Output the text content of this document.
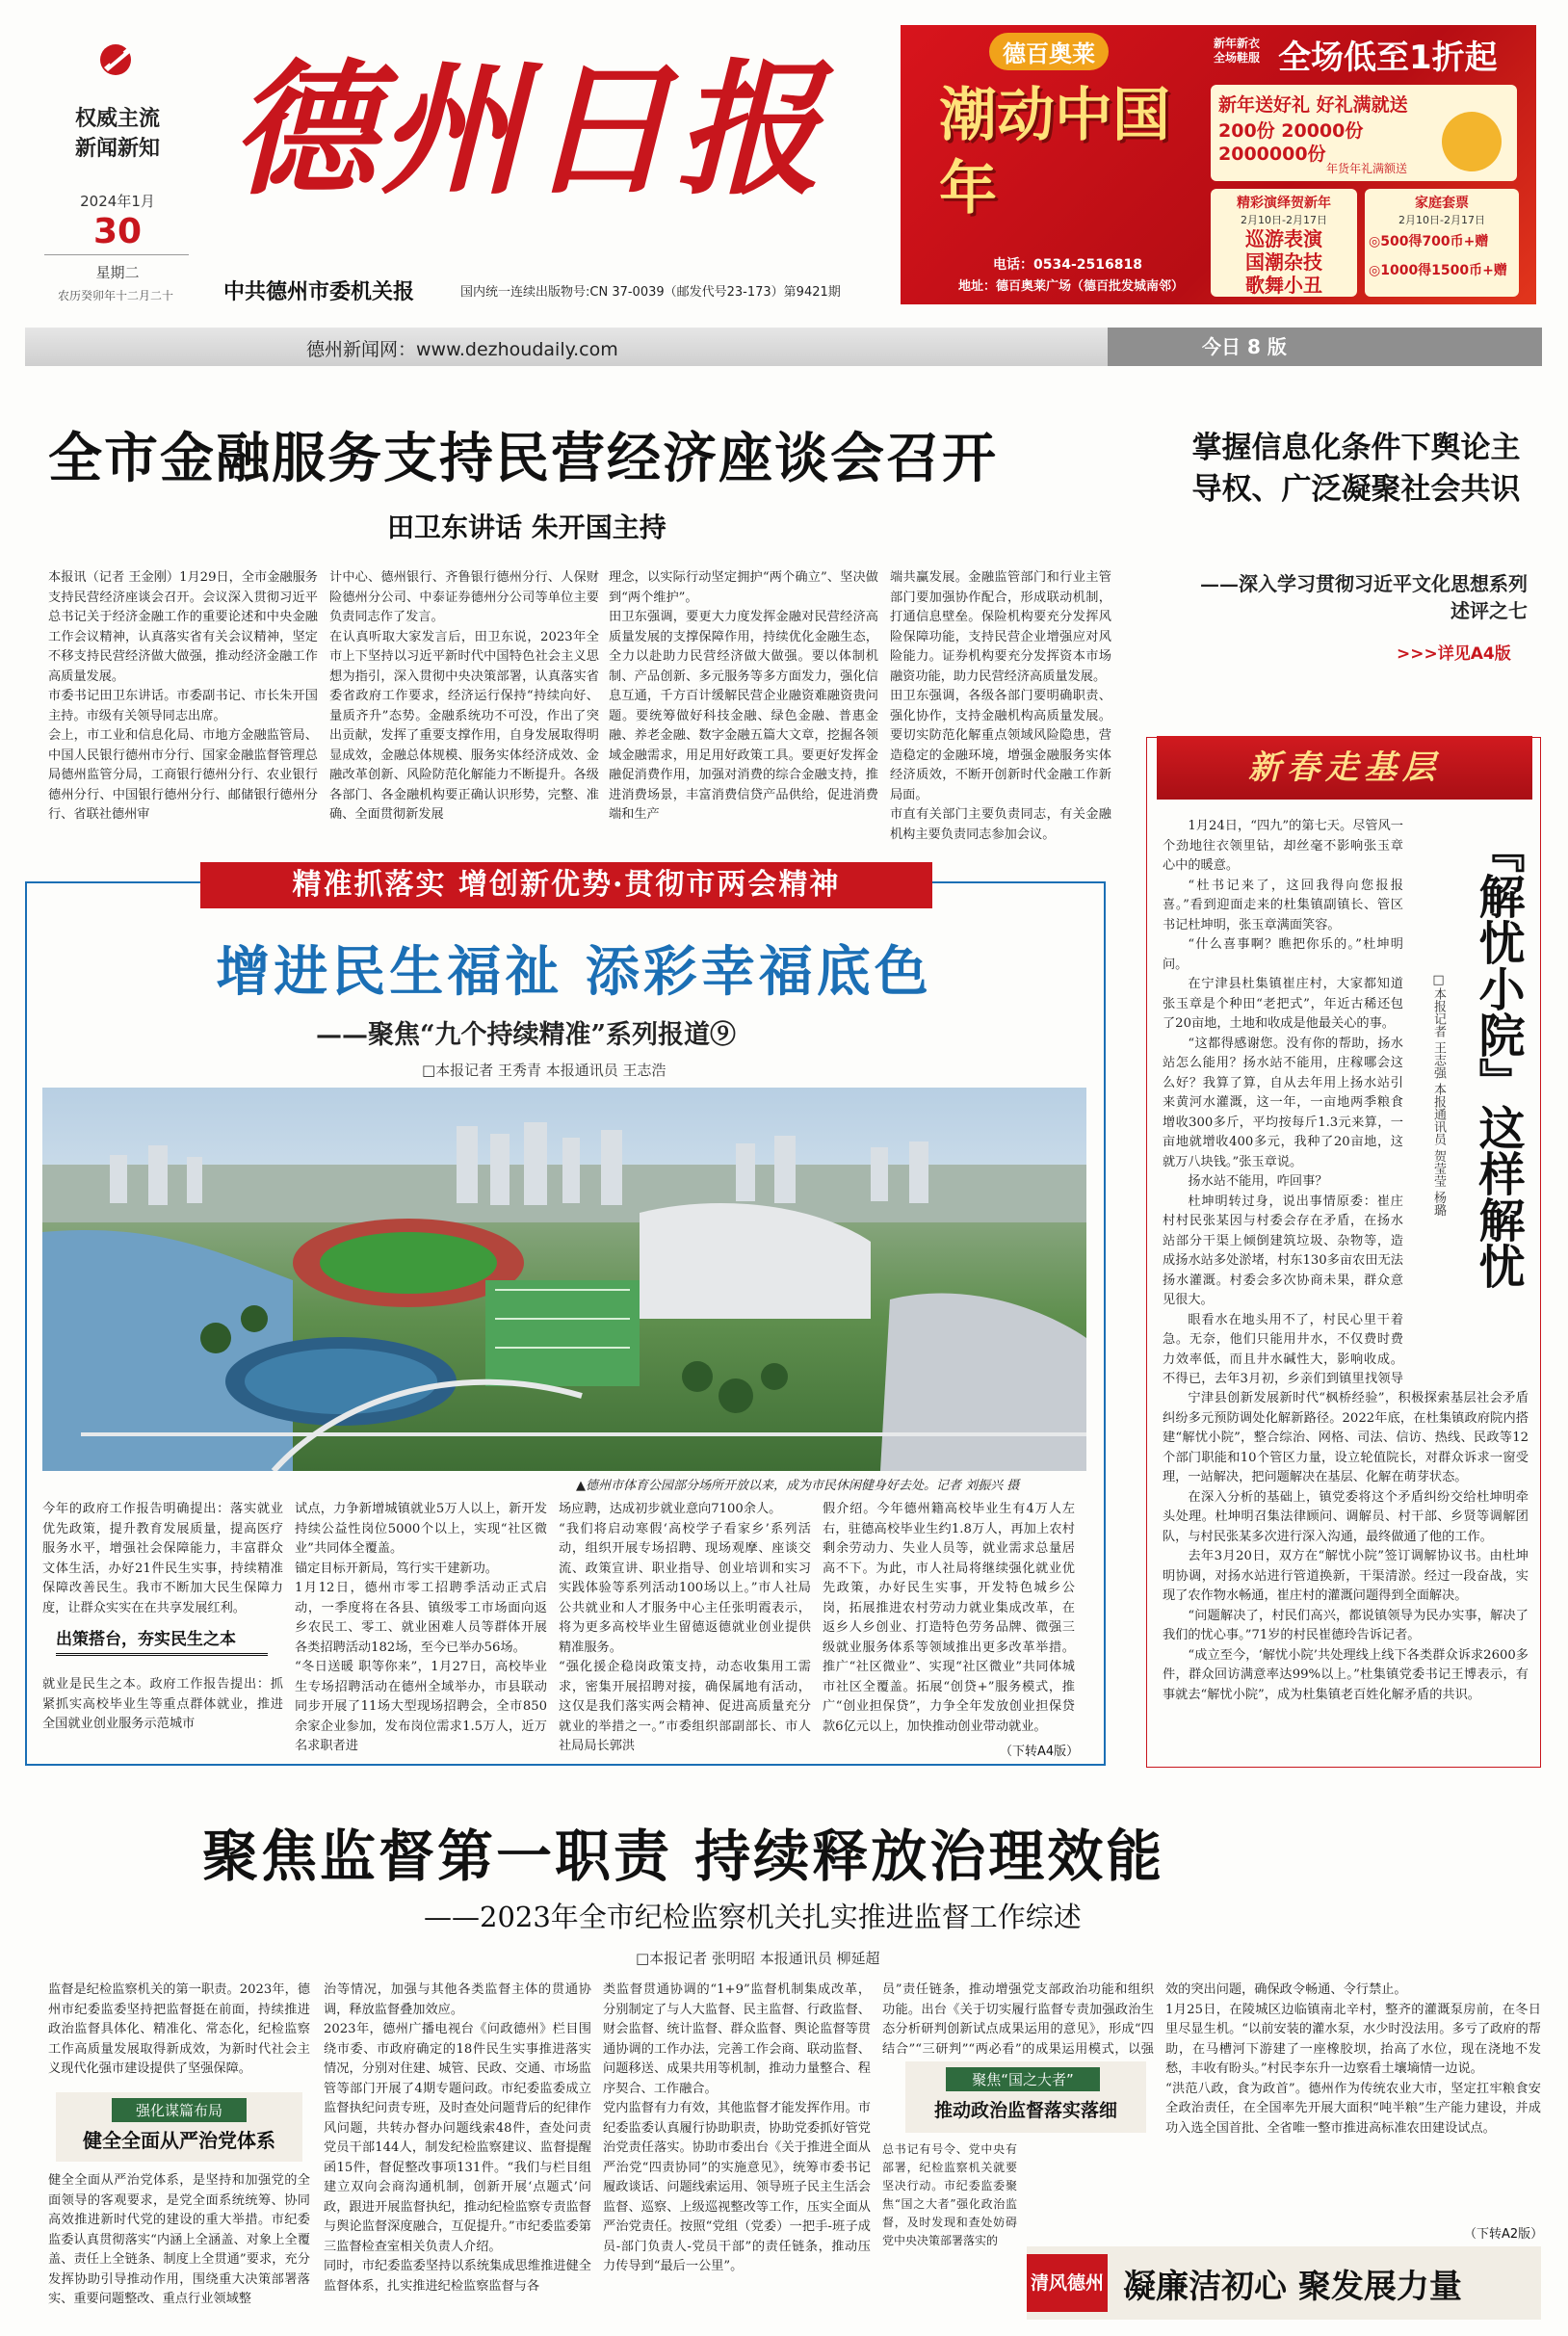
权威主流
新闻新知
2024年1月
30
星期二
农历癸卯年十二月二十
德州日报
中共德州市委机关报	国内统一连续出版物号:CN 37-0039（邮发代号23-173）第9421期
德百奥莱
潮动中国年
新年新衣 全场鞋服 全场低至1折起
新年送好礼 好礼满就送
200份 20000份 2000000份
年货年礼满额送
精彩演绎贺新年
2月10日-2月17日
巡游表演
国潮杂技
歌舞小丑
家庭套票
2月10日-2月17日
◎500得700币+赠
◎1000得1500币+赠
电话：0534-2516818
地址：德百奥莱广场（德百批发城南邻）
德州新闻网：www.dezhoudaily.com	今日 8 版
全市金融服务支持民营经济座谈会召开
田卫东讲话 朱开国主持
本报讯（记者 王金刚）1月29日，全市金融服务支持民营经济座谈会召开。会议深入贯彻习近平总书记关于经济金融工作的重要论述和中央金融工作会议精神，认真落实省有关会议精神，坚定不移支持民营经济做大做强，推动经济金融工作高质量发展。
市委书记田卫东讲话。市委副书记、市长朱开国主持。市级有关领导同志出席。
会上，市工业和信息化局、市地方金融监管局、中国人民银行德州市分行、国家金融监督管理总局德州监管分局，工商银行德州分行、农业银行德州分行、中国银行德州分行、邮储银行德州分行、省联社德州审
计中心、德州银行、齐鲁银行德州分行、人保财险德州分公司、中泰证券德州分公司等单位主要负责同志作了发言。
在认真听取大家发言后，田卫东说，2023年全市上下坚持以习近平新时代中国特色社会主义思想为指引，深入贯彻中央决策部署，认真落实省委省政府工作要求，经济运行保持“持续向好、量质齐升”态势。金融系统功不可没，作出了突出贡献，发挥了重要支撑作用，自身发展取得明显成效，金融总体规模、服务实体经济成效、金融改革创新、风险防范化解能力不断提升。各级各部门、各金融机构要正确认识形势，完整、准确、全面贯彻新发展
理念，以实际行动坚定拥护“两个确立”、坚决做到“两个维护”。
田卫东强调，要更大力度发挥金融对民营经济高质量发展的支撑保障作用，持续优化金融生态，全力以赴助力民营经济做大做强。要以体制机制、产品创新、多元服务等多方面发力，强化信息互通，千方百计缓解民营企业融资难融资贵问题。要统筹做好科技金融、绿色金融、普惠金融、养老金融、数字金融五篇大文章，挖掘各领域金融需求，用足用好政策工具。要更好发挥金融促消费作用，加强对消费的综合金融支持，推进消费场景，丰富消费信贷产品供给，促进消费端和生产
端共赢发展。金融监管部门和行业主管部门要加强协作配合，形成联动机制，打通信息壁垒。保险机构要充分发挥风险保障功能，支持民营企业增强应对风险能力。证券机构要充分发挥资本市场融资功能，助力民营经济高质量发展。
田卫东强调，各级各部门要明确职责、强化协作，支持金融机构高质量发展。要切实防范化解重点领域风险隐患，营造稳定的金融环境，增强金融服务实体经济质效，不断开创新时代金融工作新局面。
市直有关部门主要负责同志，有关金融机构主要负责同志参加会议。
掌握信息化条件下舆论主导权、广泛凝聚社会共识
——深入学习贯彻习近平文化思想系列述评之七
>>>详见A4版
精准抓落实 增创新优势·贯彻市两会精神
增进民生福祉 添彩幸福底色
——聚焦“九个持续精准”系列报道⑨
□本报记者 王秀青 本报通讯员 王志浩
▲德州市体育公园部分场所开放以来，成为市民休闲健身好去处。记者 刘振兴 摄
今年的政府工作报告明确提出：落实就业优先政策，提升教育发展质量，提高医疗服务水平，增强社会保障能力，丰富群众文体生活，办好21件民生实事，持续精准保障改善民生。我市不断加大民生保障力度，让群众实实在在共享发展红利。
出策搭台，夯实民生之本
就业是民生之本。政府工作报告提出：抓紧抓实高校毕业生等重点群体就业，推进全国就业创业服务示范城市
试点，力争新增城镇就业5万人以上，新开发持续公益性岗位5000个以上，实现“社区微业”共同体全覆盖。
锚定目标开新局，笃行实干建新功。
1月12日，德州市零工招聘季活动正式启动，一季度将在各县、镇级零工市场面向返乡农民工、零工、就业困难人员等群体开展各类招聘活动182场，至今已举办56场。
“冬日送暖 职等你来”，1月27日，高校毕业生专场招聘活动在德州全域举办，市县联动同步开展了11场大型现场招聘会，全市850余家企业参加，发布岗位需求1.5万人，近万名求职者进
场应聘，达成初步就业意向7100余人。
“我们将启动寒假‘高校学子看家乡’系列活动，组织开展专场招聘、现场观摩、座谈交流、政策宣讲、职业指导、创业培训和实习实践体验等系列活动100场以上。”市人社局公共就业和人才服务中心主任张明霞表示，将为更多高校毕业生留德返德就业创业提供精准服务。
“强化援企稳岗政策支持，动态收集用工需求，密集开展招聘对接，确保属地有活动，这仅是我们落实两会精神、促进高质量充分就业的举措之一。”市委组织部副部长、市人社局局长郭洪
假介绍。今年德州籍高校毕业生有4万人左右，驻德高校毕业生约1.8万人，再加上农村剩余劳动力、失业人员等，就业需求总量居高不下。为此，市人社局将继续强化就业优先政策，办好民生实事，开发特色城乡公岗，拓展推进农村劳动力就业集成改革，在返乡人乡创业、打造特色劳务品牌、微强三级就业服务体系等领域推出更多改革举措。推广“社区微业”、实现“社区微业”共同体城市社区全覆盖。拓展“创贷+”服务模式，推广“创业担保贷”，力争全年发放创业担保贷款6亿元以上，加快推动创业带动就业。
（下转A4版）
新春走基层
『解忧小院』这样解忧
□本报记者 王志强 本报通讯员 贺莹莹 杨璐

1月24日，“四九”的第七天。尽管风一个劲地往衣领里钻，却丝毫不影响张玉章心中的暖意。

“杜书记来了，这回我得向您报报喜。”看到迎面走来的杜集镇副镇长、管区书记杜坤明，张玉章满面笑容。

“什么喜事啊？瞧把你乐的。”杜坤明问。

在宁津县杜集镇崔庄村，大家都知道张玉章是个种田“老把式”，年近古稀还包了20亩地，土地和收成是他最关心的事。

“这都得感谢您。没有你的帮助，扬水站怎么能用？扬水站不能用，庄稼哪会这么好？我算了算，自从去年用上扬水站引来黄河水灌溉，这一年，一亩地两季粮食增收300多斤，平均按每斤1.3元来算，一亩地就增收400多元，我种了20亩地，这就万八块钱。”张玉章说。

扬水站不能用，咋回事？

杜坤明转过身，说出事情原委：崔庄村村民张某因与村委会存在矛盾，在扬水站部分干渠上倾倒建筑垃圾、杂物等，造成扬水站多处淤堵，村东130多亩农田无法扬水灌溉。村委会多次协商未果，群众意见很大。

眼看水在地头用不了，村民心里干着急。无奈，他们只能用井水，不仅费时费力效率低，而且井水碱性大，影响收成。不得已，去年3月初，乡亲们到镇里找领导

宁津县创新发展新时代“枫桥经验”，积极探索基层社会矛盾纠纷多元预防调处化解新路径。2022年底，在杜集镇政府院内搭建“解忧小院”，整合综治、网格、司法、信访、热线、民政等12个部门职能和10个管区力量，设立轮值院长，对群众诉求一窗受理，一站解决，把问题解决在基层、化解在萌芽状态。

在深入分析的基础上，镇党委将这个矛盾纠纷交给杜坤明牵头处理。杜坤明召集法律顾问、调解员、村干部、乡贤等调解团队，与村民张某多次进行深入沟通，最终做通了他的工作。

去年3月20日，双方在“解忧小院”签订调解协议书。由杜坤明协调，对扬水站进行管道换新，干渠清淤。经过一段奋战，实现了农作物水畅通，崔庄村的灌溉问题得到全面解决。

“问题解决了，村民们高兴，都说镇领导为民办实事，解决了我们的忧心事。”71岁的村民崔德玲告诉记者。

“成立至今，‘解忧小院’共处理线上线下各类群众诉求2600多件，群众回访满意率达99%以上。”杜集镇党委书记王博表示，有事就去“解忧小院”，成为杜集镇老百姓化解矛盾的共识。

聚焦监督第一职责 持续释放治理效能
——2023年全市纪检监察机关扎实推进监督工作综述
□本报记者 张明昭 本报通讯员 柳延超
监督是纪检监察机关的第一职责。2023年，德州市纪委监委坚持把监督挺在前面，持续推进政治监督具体化、精准化、常态化，纪检监察工作高质量发展取得新成效，为新时代社会主义现代化强市建设提供了坚强保障。
强化谋篇布局
健全全面从严治党体系
健全全面从严治党体系，是坚持和加强党的全面领导的客观要求，是党全面系统统筹、协同高效推进新时代党的建设的重大举措。市纪委监委认真贯彻落实“内涵上全涵盖、对象上全覆盖、责任上全链条、制度上全贯通”要求，充分发挥协助引导推动作用，围绕重大决策部署落实、重要问题整改、重点行业领域整
治等情况，加强与其他各类监督主体的贯通协调，释放监督叠加效应。
2023年，德州广播电视台《问政德州》栏目围绕市委、市政府确定的18件民生实事推进落实情况，分别对住建、城管、民政、交通、市场监管等部门开展了4期专题问政。市纪委监委成立监督执纪问责专班，及时查处问题背后的纪律作风问题，共转办督办问题线索48件，查处问责党员干部144人，制发纪检监察建议、监督提醒函15件，督促整改事项131件。“我们与栏目组建立双向会商沟通机制，创新开展‘点题式’问政，跟进开展监督执纪，推动纪检监察专责监督与舆论监督深度融合，互促提升。”市纪委监委第三监督检查室相关负责人介绍。
同时，市纪委监委坚持以系统集成思维推进健全监督体系，扎实推进纪检监察监督与各
类监督贯通协调的“1+9”监督机制集成改革，分别制定了与人大监督、民主监督、行政监督、财会监督、统计监督、群众监督、舆论监督等贯通协调的工作办法，完善工作会商、联动监督、问题移送、成果共用等机制，推动力量整合、程序契合、工作融合。
党内监督有力有效，其他监督才能发挥作用。市纪委监委认真履行协助职责，协助党委抓好管党治党责任落实。协助市委出台《关于推进全面从严治党“四责协同”的实施意见》，统筹市委书记履政谈话、问题线索运用、领导班子民主生活会监督、巡察、上级巡视整改等工作，压实全面从严治党责任。按照“党组（党委）一把手-班子成员-部门负责人-党员干部”的责任链条，推动压力传导到“最后一公里”。
员”责任链条，推动增强党支部政治功能和组织功能。出台《关于切实履行监督专责加强政治生态分析研判创新试点成果运用的意见》，形成“四结合”“三研判”“两必看”的成果运用模式，以强
聚焦“国之大者”
推动政治监督落实落细
总书记有号令、党中央有部署，纪检监察机关就要坚决行动。市纪委监委聚焦“国之大者”强化政治监督，及时发现和查处妨碍党中央决策部署落实的
效的突出问题，确保政令畅通、令行禁止。
1月25日，在陵城区边临镇南北辛村，整齐的灌溉泵房前，在冬日里尽显生机。“以前安装的灌水泵，水少时没法用。多亏了政府的帮助，在马槽河下游建了一座橡胶坝，抬高了水位，现在浇地不发愁，丰收有盼头。”村民李东升一边察看土壤墒情一边说。
“洪范八政，食为政首”。德州作为传统农业大市，坚定扛牢粮食安全政治责任，在全国率先开展大面积“吨半粮”生产能力建设，并成功入选全国首批、全省唯一整市推进高标准农田建设试点。
（下转A2版）
清风德州 凝廉洁初心 聚发展力量
